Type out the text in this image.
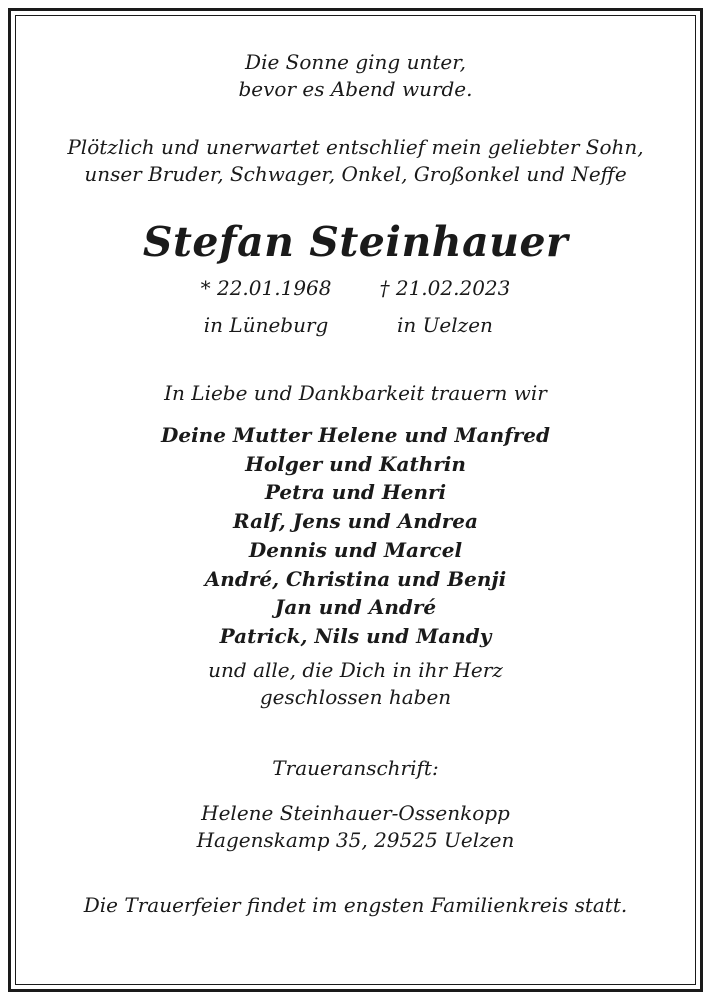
Die Sonne ging unter,
bevor es Abend wurde.
Plötzlich und unerwartet entschlief mein geliebter Sohn,
unser Bruder, Schwager, Onkel, Großonkel und Neffe
Stefan Steinhauer
* 22.01.1968
in Lüneburg
† 21.02.2023
in Uelzen
In Liebe und Dankbarkeit trauern wir
Deine Mutter Helene und Manfred
Holger und Kathrin
Petra und Henri
Ralf, Jens und Andrea
Dennis und Marcel
André, Christina und Benji
Jan und André
Patrick, Nils und Mandy
und alle, die Dich in ihr Herz
geschlossen haben
Traueranschrift:
Helene Steinhauer-Ossenkopp
Hagenskamp 35, 29525 Uelzen
Die Trauerfeier findet im engsten Familienkreis statt.
